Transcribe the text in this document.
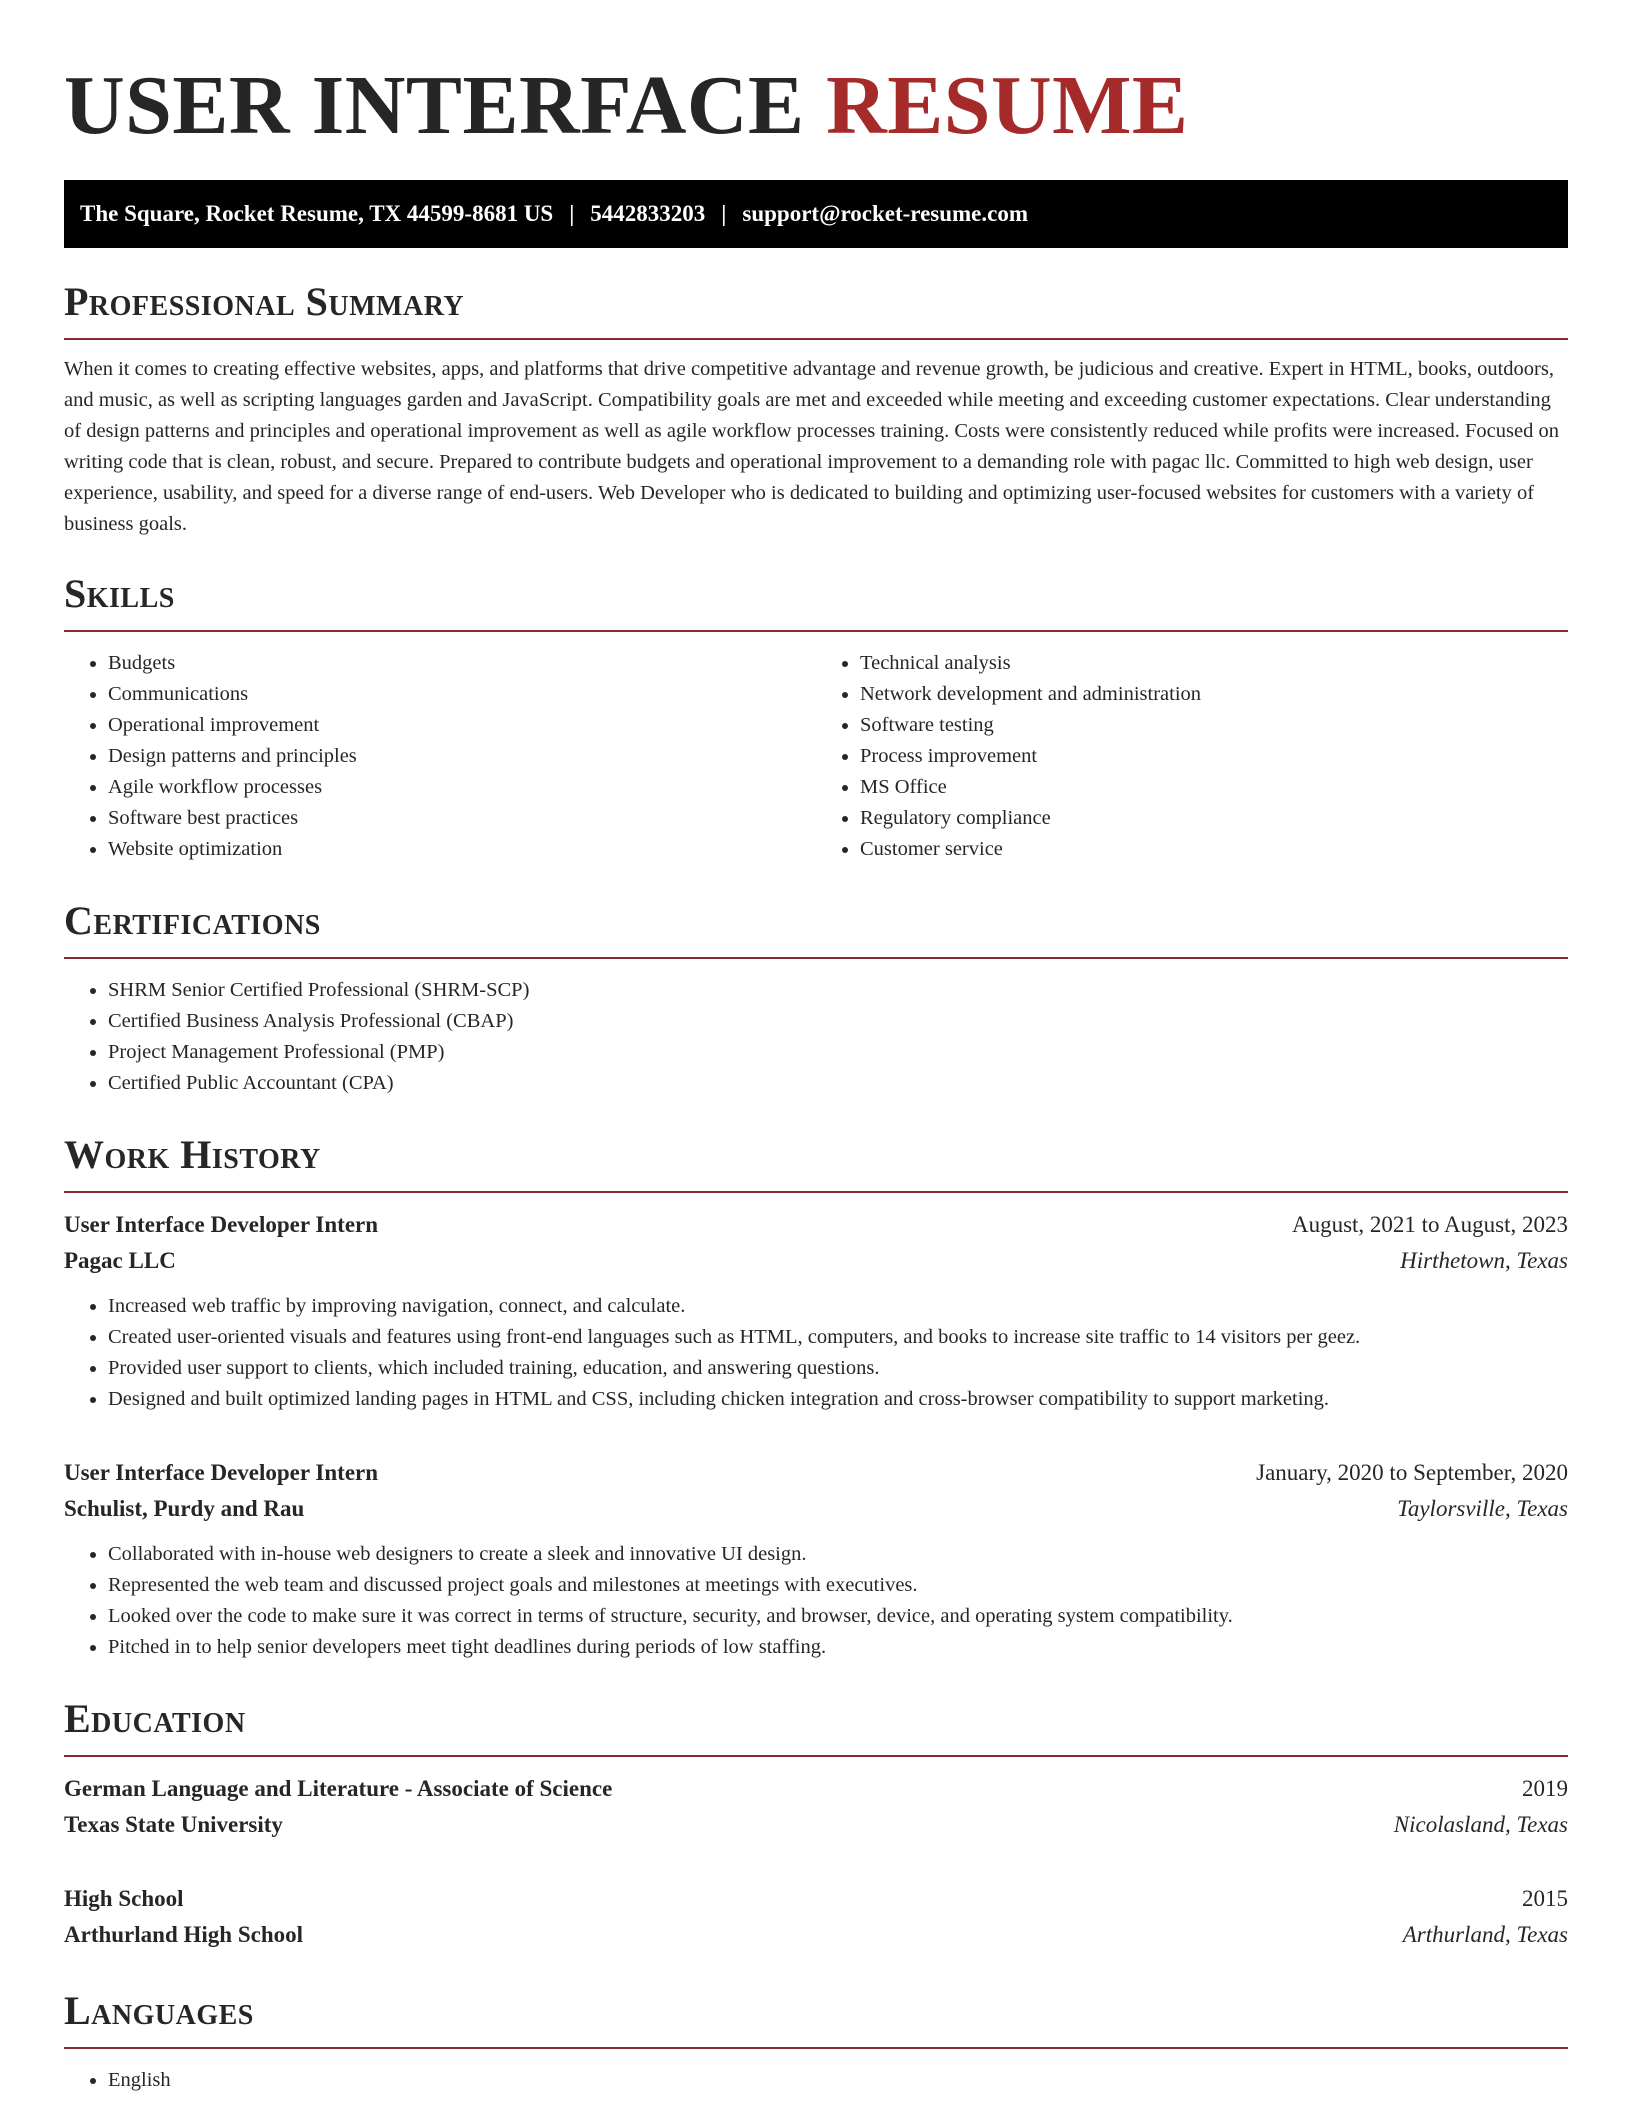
USER INTERFACE RESUME
The Square, Rocket Resume, TX 44599-8681 US | 5442833203 | support@rocket-resume.com
Professional Summary

When it comes to creating effective websites, apps, and platforms that drive competitive advantage and revenue growth, be judicious and creative. Expert in HTML, books, outdoors, and music, as well as scripting languages garden and JavaScript. Compatibility goals are met and exceeded while meeting and exceeding customer expectations. Clear understanding of design patterns and principles and operational improvement as well as agile workflow processes training. Costs were consistently reduced while profits were increased. Focused on writing code that is clean, robust, and secure. Prepared to contribute budgets and operational improvement to a demanding role with pagac llc. Committed to high web design, user experience, usability, and speed for a diverse range of end-users. Web Developer who is dedicated to building and optimizing user-focused websites for customers with a variety of business goals.

Skills
• Budgets
• Communications
• Operational improvement
• Design patterns and principles
• Agile workflow processes
• Software best practices
• Website optimization
• Technical analysis
• Network development and administration
• Software testing
• Process improvement
• MS Office
• Regulatory compliance
• Customer service
Certifications
• SHRM Senior Certified Professional (SHRM-SCP)
• Certified Business Analysis Professional (CBAP)
• Project Management Professional (PMP)
• Certified Public Accountant (CPA)
Work History
User Interface Developer Intern	August, 2021 to August, 2023
Pagac LLC	Hirthetown, Texas
• Increased web traffic by improving navigation, connect, and calculate.
• Created user-oriented visuals and features using front-end languages such as HTML, computers, and books to increase site traffic to 14 visitors per geez.
• Provided user support to clients, which included training, education, and answering questions.
• Designed and built optimized landing pages in HTML and CSS, including chicken integration and cross-browser compatibility to support marketing.
User Interface Developer Intern	January, 2020 to September, 2020
Schulist, Purdy and Rau	Taylorsville, Texas
• Collaborated with in-house web designers to create a sleek and innovative UI design.
• Represented the web team and discussed project goals and milestones at meetings with executives.
• Looked over the code to make sure it was correct in terms of structure, security, and browser, device, and operating system compatibility.
• Pitched in to help senior developers meet tight deadlines during periods of low staffing.
Education
German Language and Literature - Associate of Science	2019
Texas State University	Nicolasland, Texas
High School	2015
Arthurland High School	Arthurland, Texas
Languages
• English
